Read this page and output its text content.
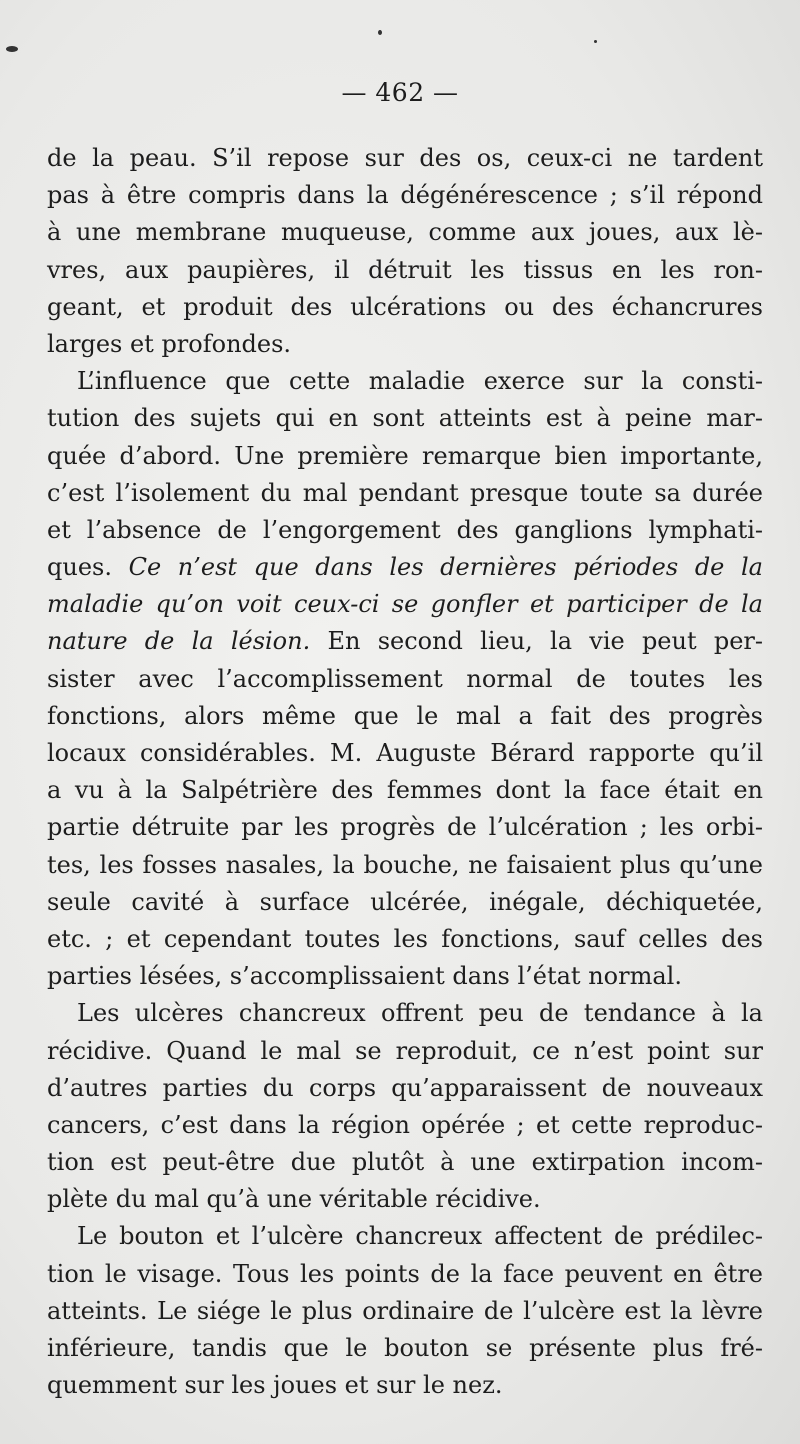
— 462 —
de la peau. S’il repose sur des os, ceux-ci ne tardent
pas à être compris dans la dégénérescence ; s’il répond
à une membrane muqueuse, comme aux joues, aux lè-
vres, aux paupières, il détruit les tissus en les ron-
geant, et produit des ulcérations ou des échancrures
larges et profondes.
L’influence que cette maladie exerce sur la consti-
tution des sujets qui en sont atteints est à peine mar-
quée d’abord. Une première remarque bien importante,
c’est l’isolement du mal pendant presque toute sa durée
et l’absence de l’engorgement des ganglions lymphati-
ques. Ce n’est que dans les dernières périodes de la
maladie qu’on voit ceux-ci se gonfler et participer de la
nature de la lésion. En second lieu, la vie peut per-
sister avec l’accomplissement normal de toutes les
fonctions, alors même que le mal a fait des progrès
locaux considérables. M. Auguste Bérard rapporte qu’il
a vu à la Salpétrière des femmes dont la face était en
partie détruite par les progrès de l’ulcération ; les orbi-
tes, les fosses nasales, la bouche, ne faisaient plus qu’une
seule cavité à surface ulcérée, inégale, déchiquetée,
etc. ; et cependant toutes les fonctions, sauf celles des
parties lésées, s’accomplissaient dans l’état normal.
Les ulcères chancreux offrent peu de tendance à la
récidive. Quand le mal se reproduit, ce n’est point sur
d’autres parties du corps qu’apparaissent de nouveaux
cancers, c’est dans la région opérée ; et cette reproduc-
tion est peut-être due plutôt à une extirpation incom-
plète du mal qu’à une véritable récidive.
Le bouton et l’ulcère chancreux affectent de prédilec-
tion le visage. Tous les points de la face peuvent en être
atteints. Le siége le plus ordinaire de l’ulcère est la lèvre
inférieure, tandis que le bouton se présente plus fré-
quemment sur les joues et sur le nez.
